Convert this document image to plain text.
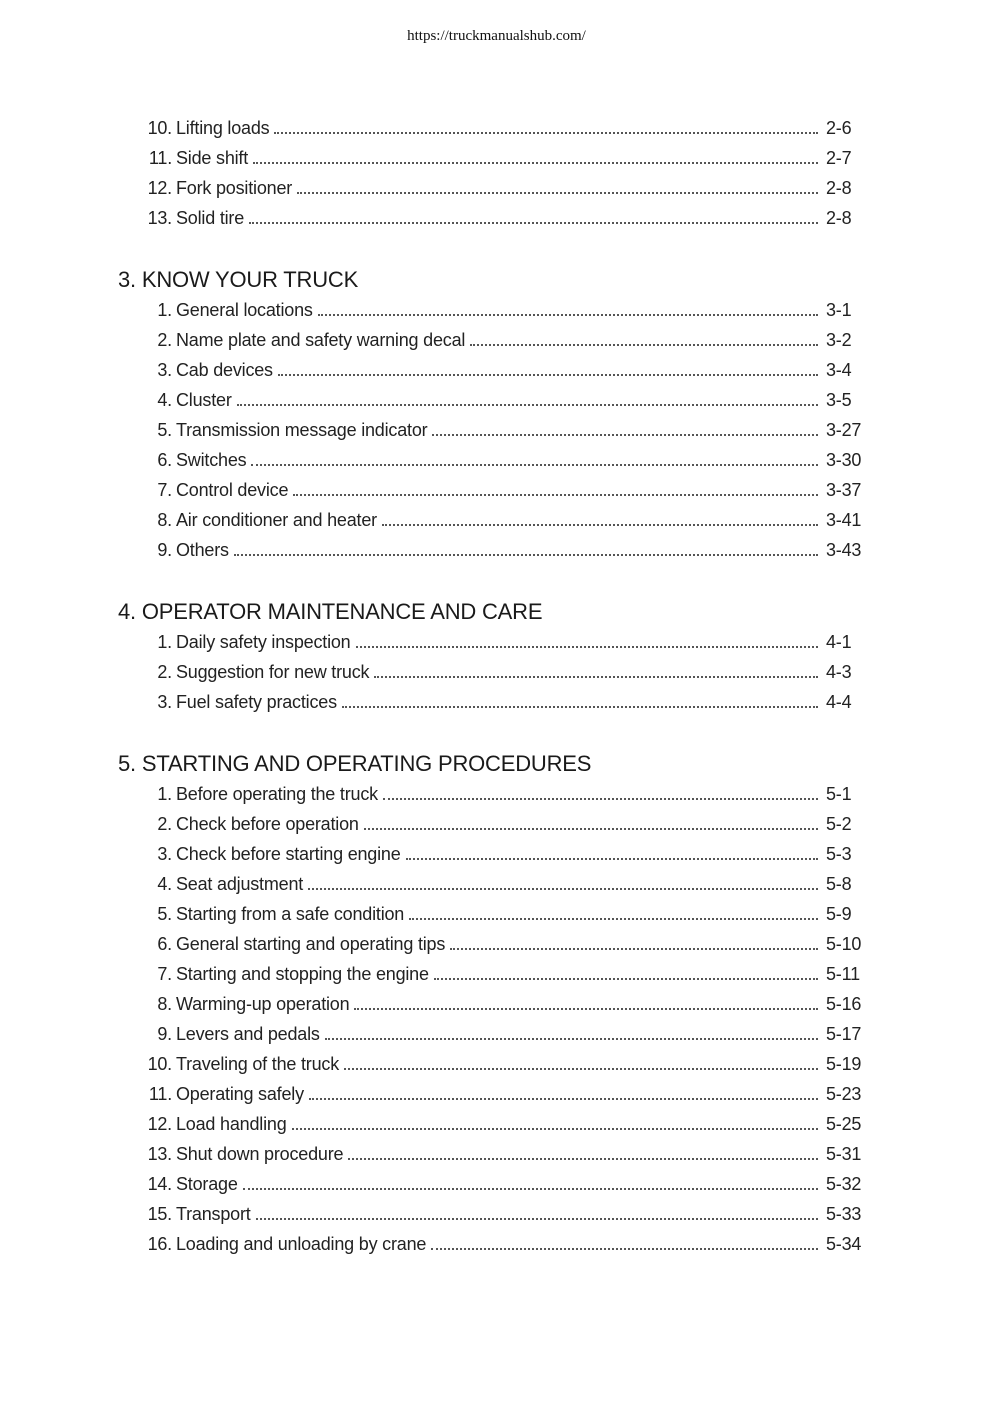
https://truckmanualshub.com/
10. Lifting loads	2-6
11. Side shift	2-7
12. Fork positioner	2-8
13. Solid tire	2-8
3. KNOW YOUR TRUCK
1. General locations	3-1
2. Name plate and safety warning decal	3-2
3. Cab devices	3-4
4. Cluster	3-5
5. Transmission message indicator	3-27
6. Switches	3-30
7. Control device	3-37
8. Air conditioner and heater	3-41
9. Others	3-43
4. OPERATOR MAINTENANCE AND CARE
1. Daily safety inspection	4-1
2. Suggestion for new truck	4-3
3. Fuel safety practices	4-4
5. STARTING AND OPERATING PROCEDURES
1. Before operating the truck	5-1
2. Check before operation	5-2
3. Check before starting engine	5-3
4. Seat adjustment	5-8
5. Starting from a safe condition	5-9
6. General starting and operating tips	5-10
7. Starting and stopping the engine	5-11
8. Warming-up operation	5-16
9. Levers and pedals	5-17
10. Traveling of the truck	5-19
11. Operating safely	5-23
12. Load handling	5-25
13. Shut down procedure	5-31
14. Storage	5-32
15. Transport	5-33
16. Loading and unloading by crane	5-34
